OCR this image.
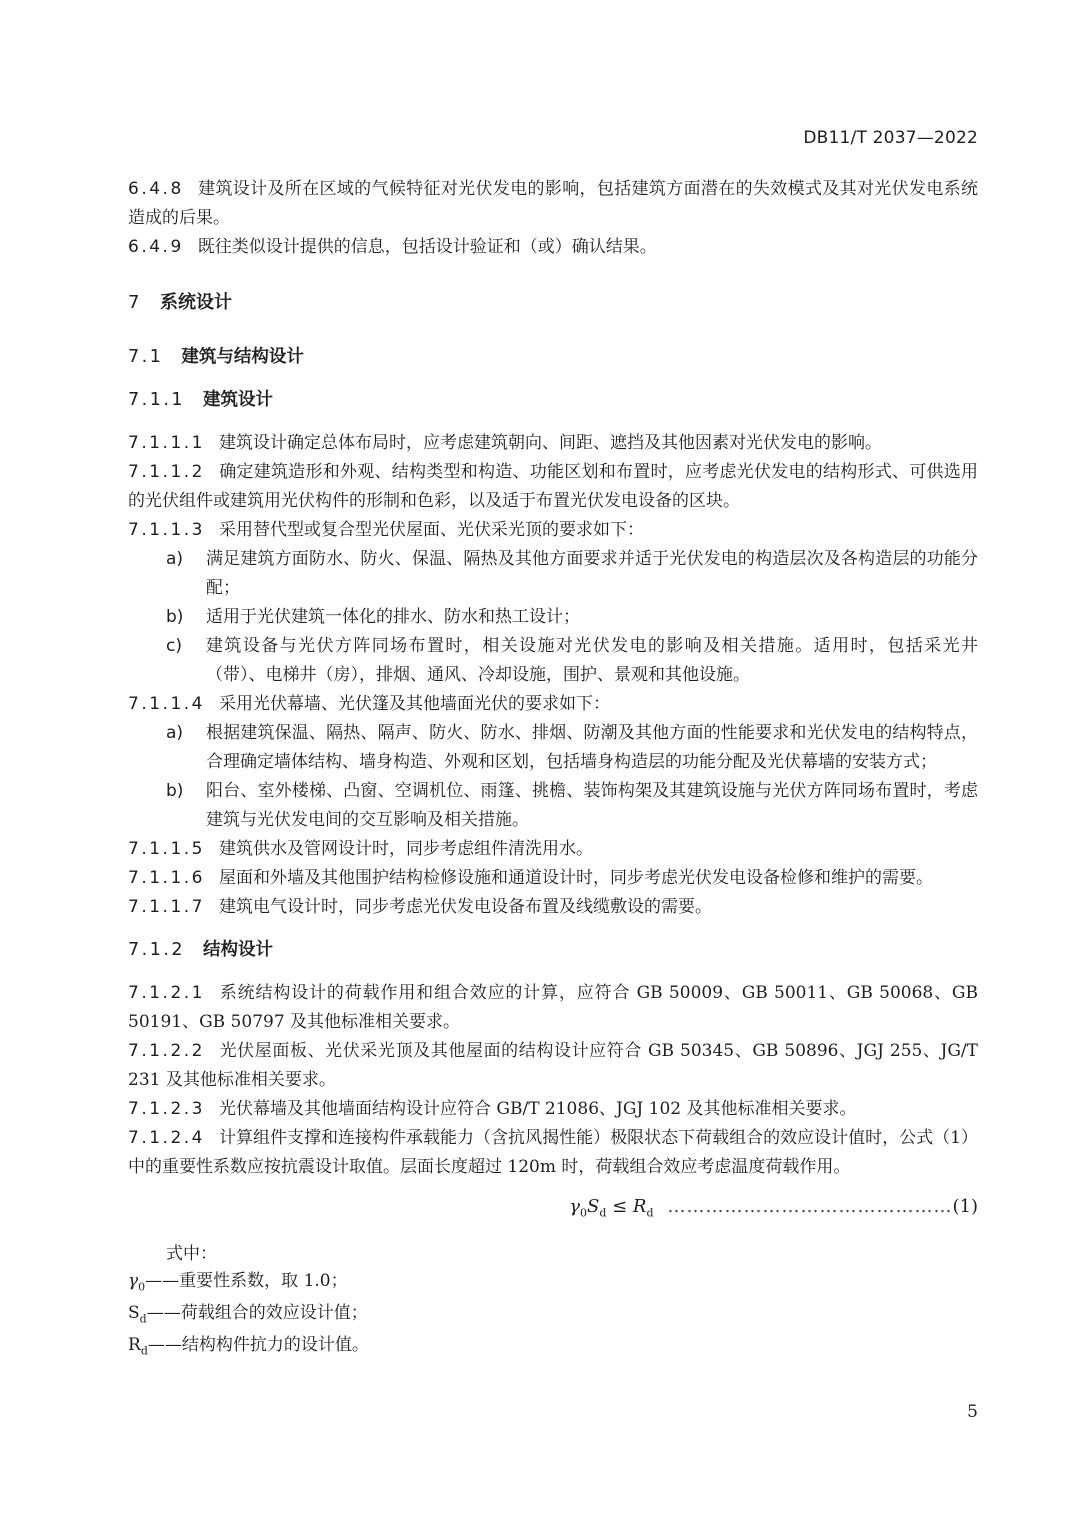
DB11/T 2037—2022

6.4.8 建筑设计及所在区域的气候特征对光伏发电的影响，包括建筑方面潜在的失效模式及其对光伏发电系统造成的后果。

6.4.9 既往类似设计提供的信息，包括设计验证和（或）确认结果。

7 系统设计
7.1 建筑与结构设计
7.1.1 建筑设计

7.1.1.1 建筑设计确定总体布局时，应考虑建筑朝向、间距、遮挡及其他因素对光伏发电的影响。

7.1.1.2 确定建筑造形和外观、结构类型和构造、功能区划和布置时，应考虑光伏发电的结构形式、可供选用的光伏组件或建筑用光伏构件的形制和色彩，以及适于布置光伏发电设备的区块。

7.1.1.3 采用替代型或复合型光伏屋面、光伏采光顶的要求如下：

a)	满足建筑方面防水、防火、保温、隔热及其他方面要求并适于光伏发电的构造层次及各构造层的功能分配；
b)	适用于光伏建筑一体化的排水、防水和热工设计；
c)	建筑设备与光伏方阵同场布置时，相关设施对光伏发电的影响及相关措施。适用时，包括采光井（带）、电梯井（房），排烟、通风、冷却设施，围护、景观和其他设施。

7.1.1.4 采用光伏幕墙、光伏篷及其他墙面光伏的要求如下：

a)	根据建筑保温、隔热、隔声、防火、防水、排烟、防潮及其他方面的性能要求和光伏发电的结构特点，合理确定墙体结构、墙身构造、外观和区划，包括墙身构造层的功能分配及光伏幕墙的安装方式；
b)	阳台、室外楼梯、凸窗、空调机位、雨篷、挑檐、装饰构架及其建筑设施与光伏方阵同场布置时，考虑建筑与光伏发电间的交互影响及相关措施。

7.1.1.5 建筑供水及管网设计时，同步考虑组件清洗用水。

7.1.1.6 屋面和外墙及其他围护结构检修设施和通道设计时，同步考虑光伏发电设备检修和维护的需要。

7.1.1.7 建筑电气设计时，同步考虑光伏发电设备布置及线缆敷设的需要。

7.1.2 结构设计

7.1.2.1 系统结构设计的荷载作用和组合效应的计算，应符合 GB 50009、GB 50011、GB 50068、GB 50191、GB 50797 及其他标准相关要求。

7.1.2.2 光伏屋面板、光伏采光顶及其他屋面的结构设计应符合 GB 50345、GB 50896、JGJ 255、JG/T 231 及其他标准相关要求。

7.1.2.3 光伏幕墙及其他墙面结构设计应符合 GB/T 21086、JGJ 102 及其他标准相关要求。

7.1.2.4 计算组件支撑和连接构件承载能力（含抗风揭性能）极限状态下荷载组合的效应设计值时，公式（1）中的重要性系数应按抗震设计取值。层面长度超过 120m 时，荷载组合效应考虑温度荷载作用。

$\gamma_0S_d \le R_d$ ………………………………………(1)

式中：

$\gamma_0——$重要性系数，取 1.0；

$S_d——$荷载组合的效应设计值；

$R_d——$结构构件抗力的设计值。

5
